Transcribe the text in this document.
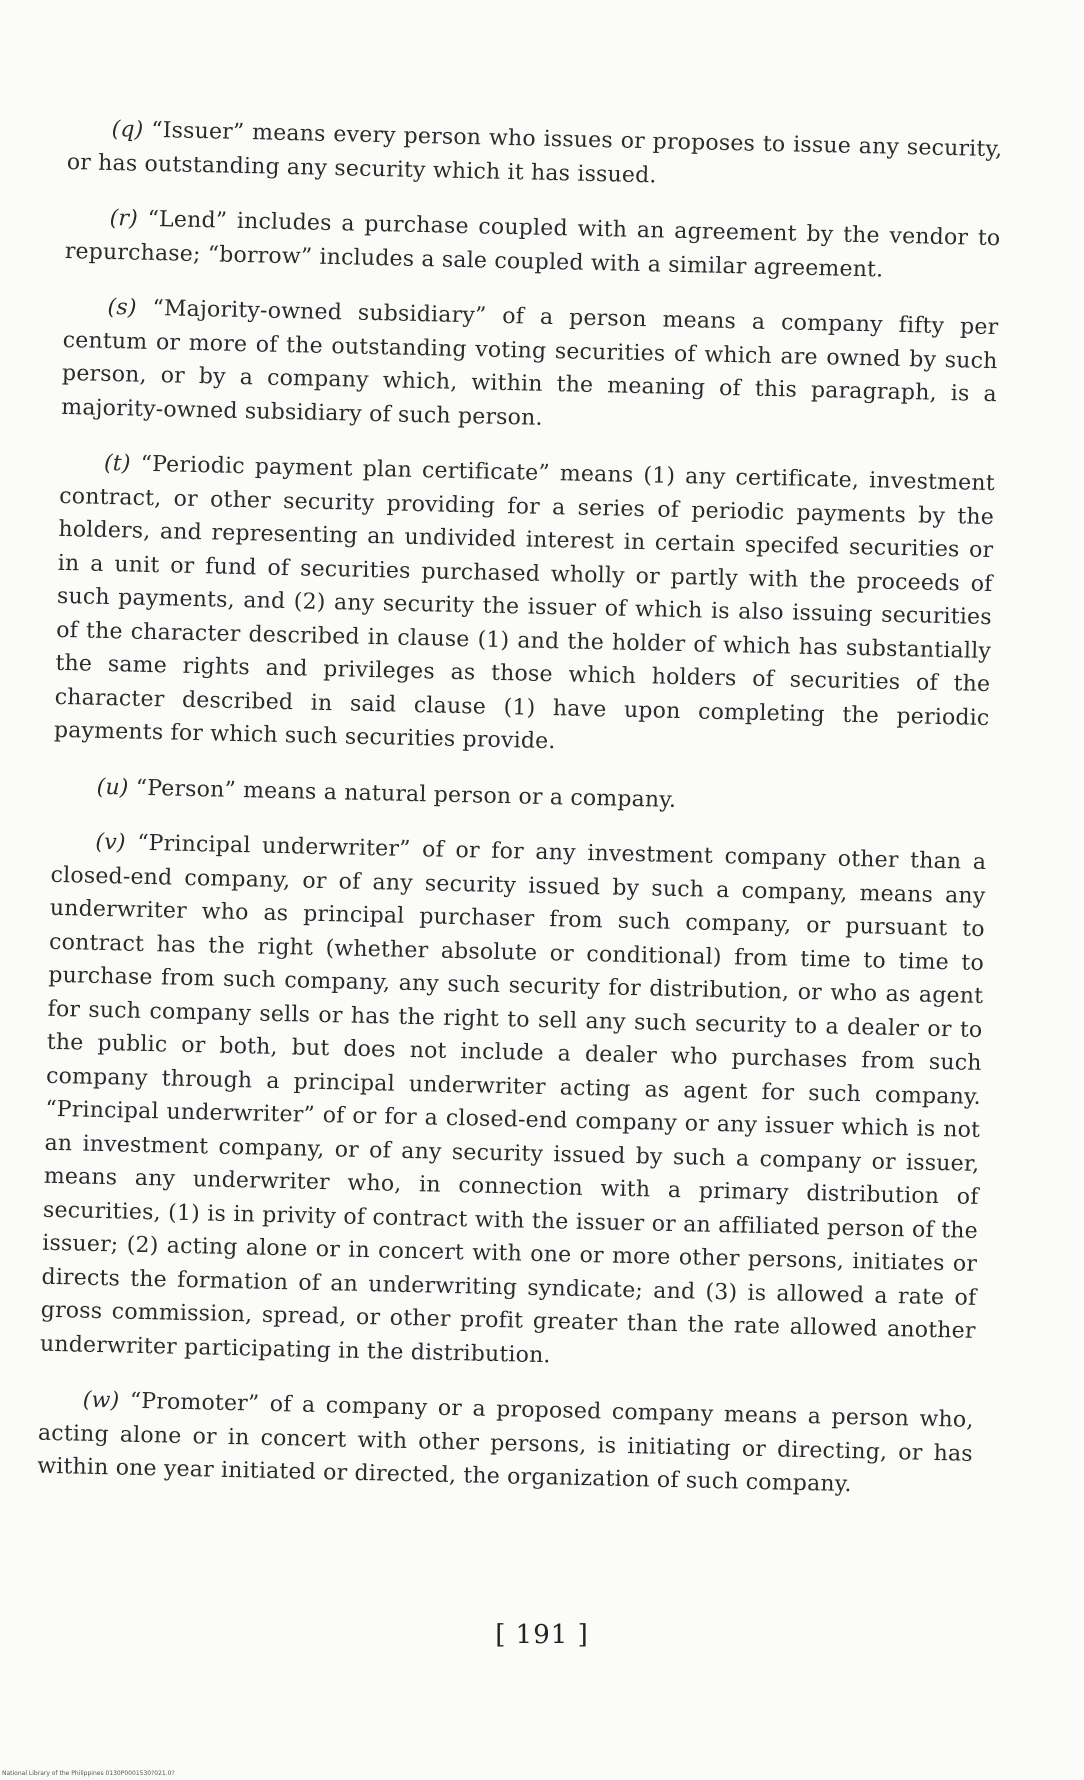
(q) “Issuer” means every person who issues or proposes to issue any security, or has outstanding any security which it has issued.

(r) “Lend” includes a purchase coupled with an agreement by the vendor to repurchase; “borrow” includes a sale coupled with a similar agreement.

(s) “Majority-owned subsidiary” of a person means a company fifty per centum or more of the outstanding voting securities of which are owned by such person, or by a company which, within the meaning of this paragraph, is a majority-owned subsidiary of such person.

(t) “Periodic payment plan certificate” means (1) any certificate, investment contract, or other security providing for a series of periodic payments by the holders, and representing an undivided interest in certain specifed securities or in a unit or fund of securities purchased wholly or partly with the proceeds of such payments, and (2) any security the issuer of which is also issuing securities of the character described in clause (1) and the holder of which has substantially the same rights and privileges as those which holders of securities of the character described in said clause (1) have upon completing the periodic payments for which such securities provide.

(u) “Person” means a natural person or a company.

(v) “Principal underwriter” of or for any investment company other than a closed-end company, or of any security issued by such a company, means any underwriter who as principal purchaser from such company, or pursuant to contract has the right (whether absolute or conditional) from time to time to purchase from such company, any such security for distribution, or who as agent for such company sells or has the right to sell any such security to a dealer or to the public or both, but does not include a dealer who purchases from such company through a principal underwriter acting as agent for such company. “Principal underwriter” of or for a closed-end company or any issuer which is not an investment company, or of any security issued by such a company or issuer, means any underwriter who, in connection with a primary distribution of securities, (1) is in privity of contract with the issuer or an affiliated person of the issuer; (2) acting alone or in concert with one or more other persons, initiates or directs the formation of an underwriting syndicate; and (3) is allowed a rate of gross commission, spread, or other profit greater than the rate allowed another underwriter participating in the distribution.

(w) “Promoter” of a company or a proposed company means a person who, acting alone or in concert with other persons, is initiating or directing, or has within one year initiated or directed, the organization of such company.

[ 191 ]
National Library of the Philippines 0130P0001530?021.0?
